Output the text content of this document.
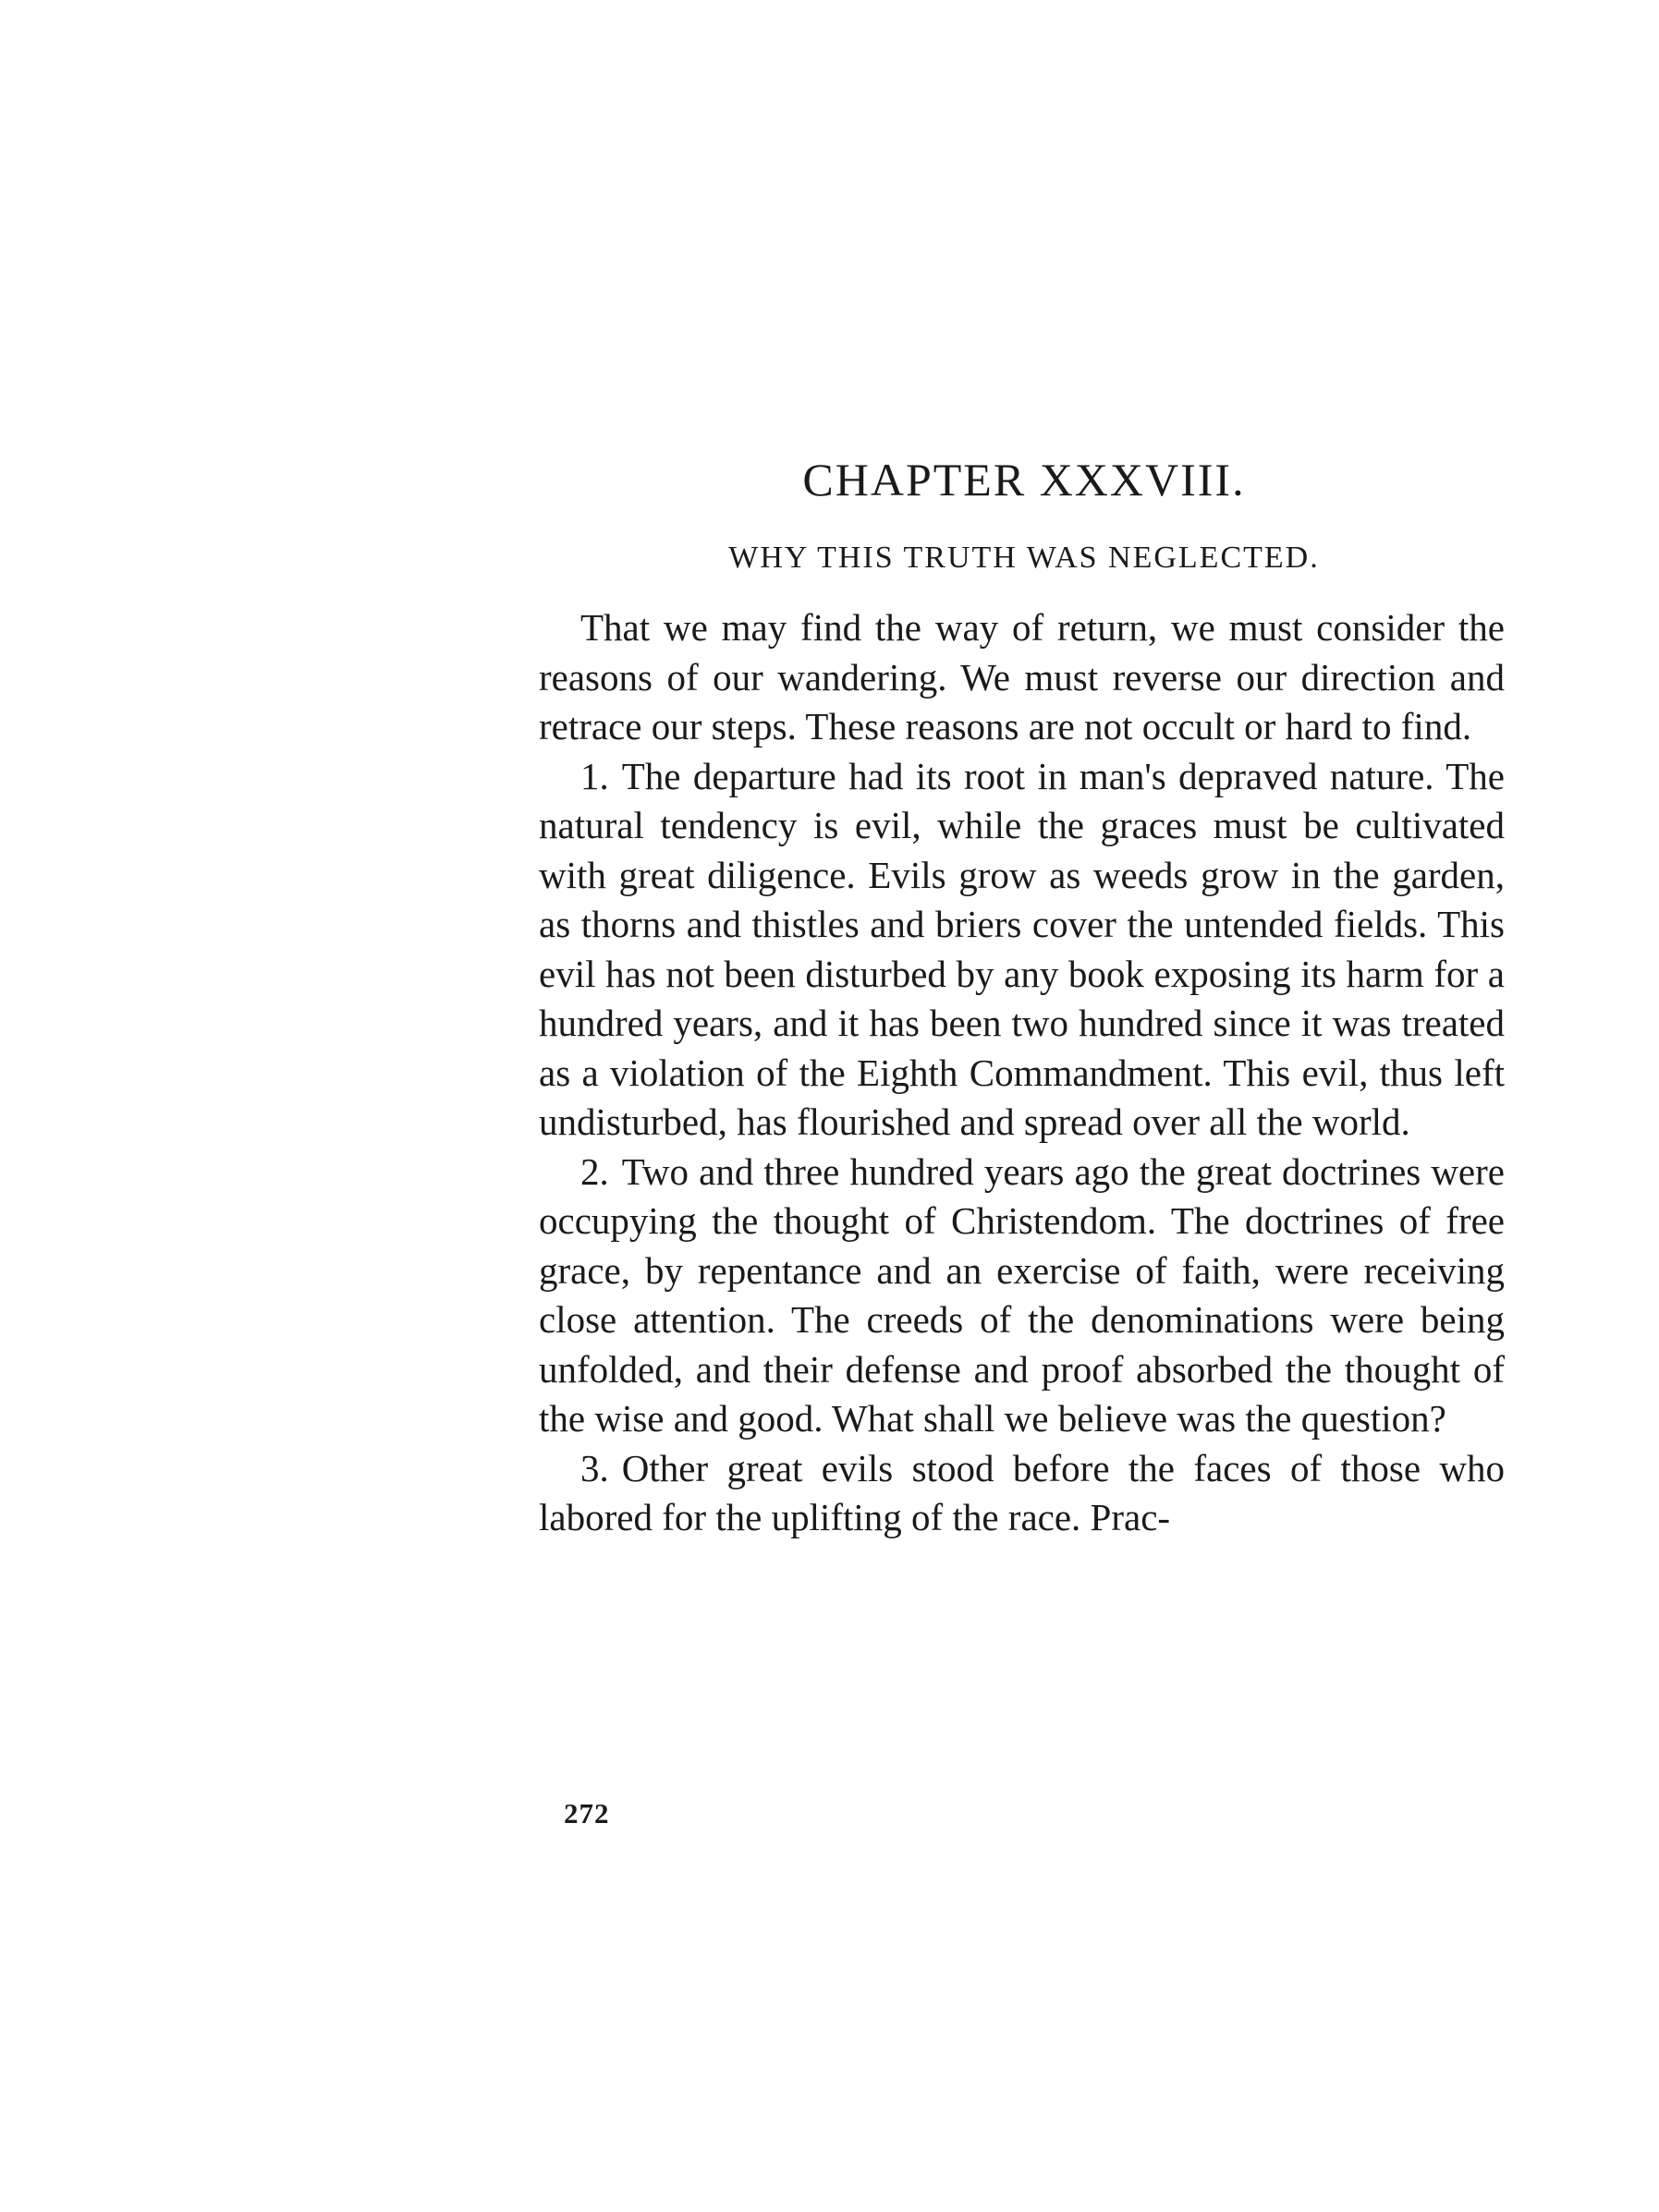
CHAPTER XXXVIII.
WHY THIS TRUTH WAS NEGLECTED.

That we may find the way of return, we must consider the reasons of our wandering. We must reverse our direction and retrace our steps. These reasons are not occult or hard to find.

1. The departure had its root in man's depraved nature. The natural tendency is evil, while the graces must be cultivated with great diligence. Evils grow as weeds grow in the garden, as thorns and thistles and briers cover the untended fields. This evil has not been disturbed by any book exposing its harm for a hundred years, and it has been two hundred since it was treated as a violation of the Eighth Commandment. This evil, thus left undisturbed, has flourished and spread over all the world.

2. Two and three hundred years ago the great doctrines were occupying the thought of Christendom. The doctrines of free grace, by repentance and an exercise of faith, were receiving close attention. The creeds of the denominations were being unfolded, and their defense and proof absorbed the thought of the wise and good. What shall we believe was the question?

3. Other great evils stood before the faces of those who labored for the uplifting of the race. Prac-

272
